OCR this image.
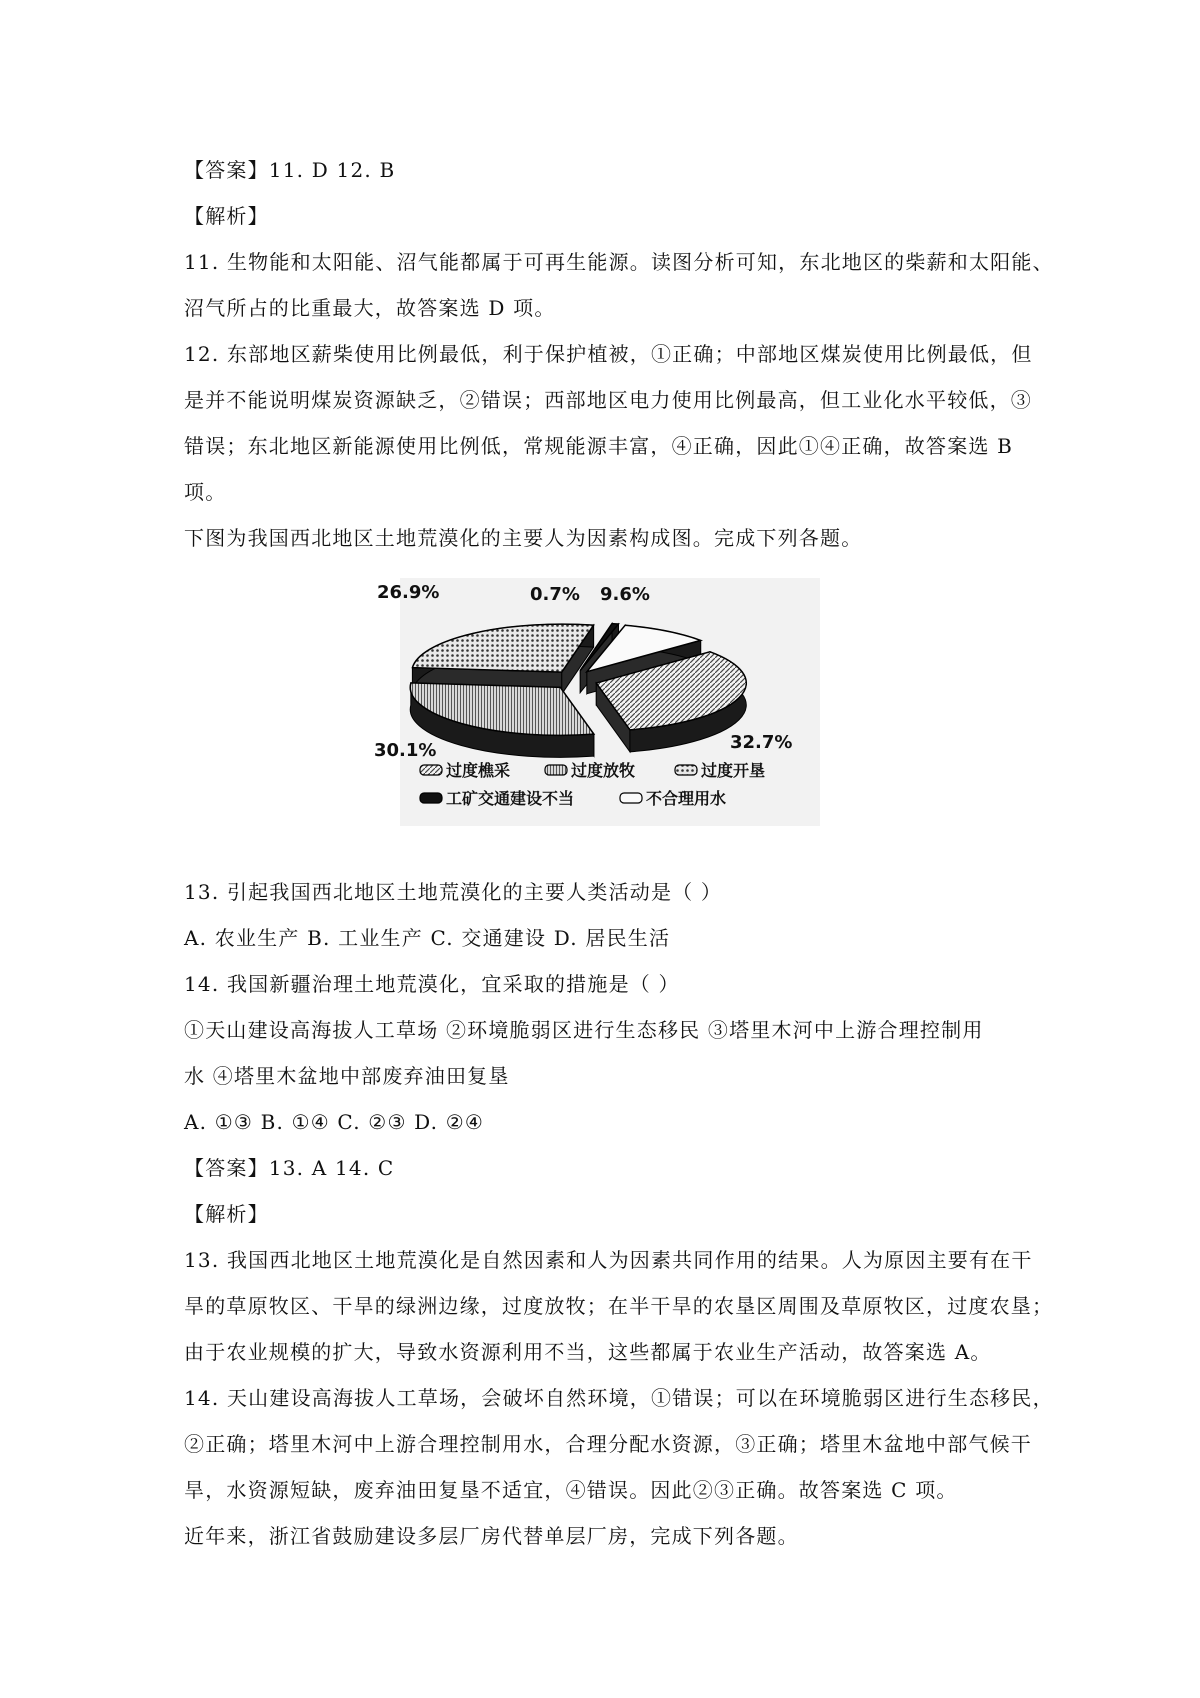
【答案】11. D 12. B
【解析】
11. 生物能和太阳能、沼气能都属于可再生能源。读图分析可知，东北地区的柴薪和太阳能、
沼气所占的比重最大，故答案选 D 项。
12. 东部地区薪柴使用比例最低，利于保护植被，①正确；中部地区煤炭使用比例最低，但
是并不能说明煤炭资源缺乏，②错误；西部地区电力使用比例最高，但工业化水平较低，③
错误；东北地区新能源使用比例低，常规能源丰富，④正确，因此①④正确，故答案选 B
项。
下图为我国西北地区土地荒漠化的主要人为因素构成图。完成下列各题。
26.9%	0.7% 9.6%
32.7%
30.1%
过度樵采	过度放牧	过度开垦
工矿交通建设不当	不合理用水
13. 引起我国西北地区土地荒漠化的主要人类活动是（ ）
A. 农业生产 B. 工业生产 C. 交通建设 D. 居民生活
14. 我国新疆治理土地荒漠化，宜采取的措施是（ ）
①天山建设高海拔人工草场 ②环境脆弱区进行生态移民 ③塔里木河中上游合理控制用
水 ④塔里木盆地中部废弃油田复垦
A. ①③ B. ①④ C. ②③ D. ②④
【答案】13. A 14. C
【解析】
13. 我国西北地区土地荒漠化是自然因素和人为因素共同作用的结果。人为原因主要有在干
旱的草原牧区、干旱的绿洲边缘，过度放牧；在半干旱的农垦区周围及草原牧区，过度农垦；
由于农业规模的扩大，导致水资源利用不当，这些都属于农业生产活动，故答案选 A。
14. 天山建设高海拔人工草场，会破坏自然环境，①错误；可以在环境脆弱区进行生态移民，
②正确；塔里木河中上游合理控制用水，合理分配水资源，③正确；塔里木盆地中部气候干
旱，水资源短缺，废弃油田复垦不适宜，④错误。因此②③正确。故答案选 C 项。
近年来，浙江省鼓励建设多层厂房代替单层厂房，完成下列各题。
